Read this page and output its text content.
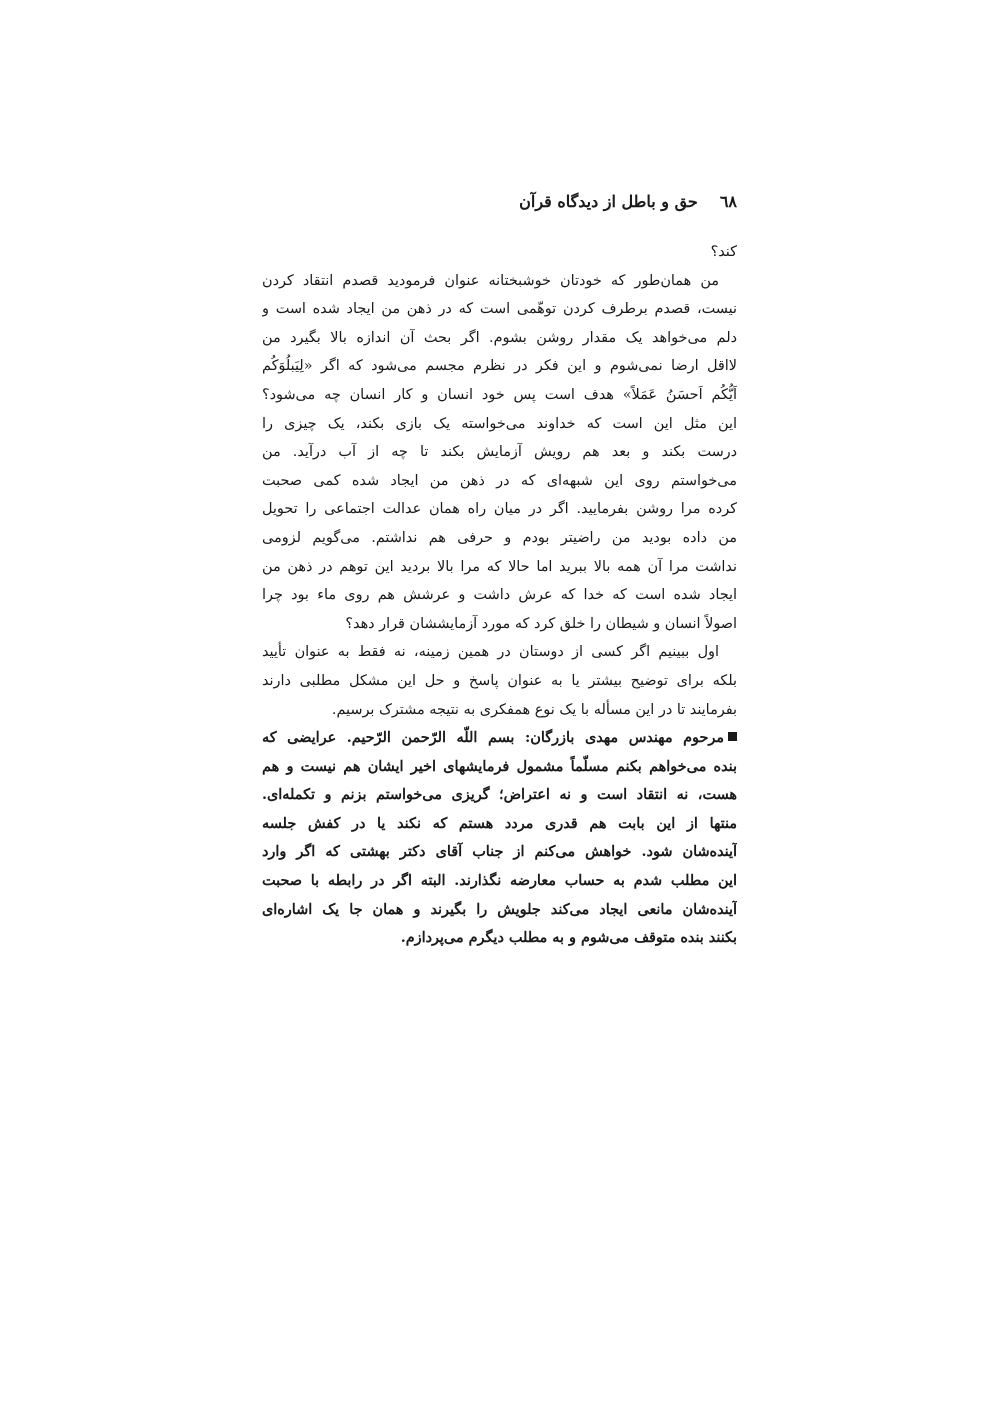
٦٨
حق و باطل از دیدگاه قرآن
کند؟
من همان‌طور که خودتان خوشبختانه عنوان فرمودید قصدم انتقاد کردن
نیست، قصدم برطرف کردن توهّمی است که در ذهن من ایجاد شده است و
دلم می‌خواهد یک مقدار روشن بشوم. اگر بحث آن اندازه بالا بگیرد من
لااقل ارضا نمی‌شوم و این فکر در نظرم مجسم می‌شود که اگر «لِیَبلُوَکُم
اَیُّکُم اَحسَنُ عَمَلاً» هدف است پس خود انسان و کار انسان چه می‌شود؟
این مثل این است که خداوند می‌خواسته یک بازی بکند، یک چیزی را
درست بکند و بعد هم رویش آزمایش بکند تا چه از آب درآید. من
می‌خواستم روی این شبهه‌ای که در ذهن من ایجاد شده کمی صحبت
کرده مرا روشن بفرمایید. اگر در میان راه همان عدالت اجتماعی را تحویل
من داده بودید من راضیتر بودم و حرفی هم نداشتم. می‌گویم لزومی
نداشت مرا آن همه بالا ببرید اما حالا که مرا بالا بردید این توهم در ذهن من
ایجاد شده است که خدا که عرش داشت و عرشش هم روی ماء بود چرا
اصولاً انسان و شیطان را خلق کرد که مورد آزمایششان قرار دهد؟
اول ببینیم اگر کسی از دوستان در همین زمینه، نه فقط به عنوان تأیید
بلکه برای توضیح بیشتر یا به عنوان پاسخ و حل این مشکل مطلبی دارند
بفرمایند تا در این مسأله با یک نوع همفکری به نتیجه مشترک برسیم.
مرحوم مهندس مهدی بازرگان: بسم اللّه الرّحمن الرّحیم. عرایضی که
بنده می‌خواهم بکنم مسلّماً مشمول فرمایشهای اخیر ایشان هم نیست و هم
هست، نه انتقاد است و نه اعتراض؛ گریزی می‌خواستم بزنم و تکمله‌ای.
منتها از این بابت هم قدری مردد هستم که نکند یا در کفش جلسه
آینده‌شان شود. خواهش می‌کنم از جناب آقای دکتر بهشتی که اگر وارد
این مطلب شدم به حساب معارضه نگذارند. البته اگر در رابطه با صحبت
آینده‌شان مانعی ایجاد می‌کند جلویش را بگیرند و همان جا یک اشاره‌ای
بکنند بنده متوقف می‌شوم و به مطلب دیگرم می‌پردازم.
